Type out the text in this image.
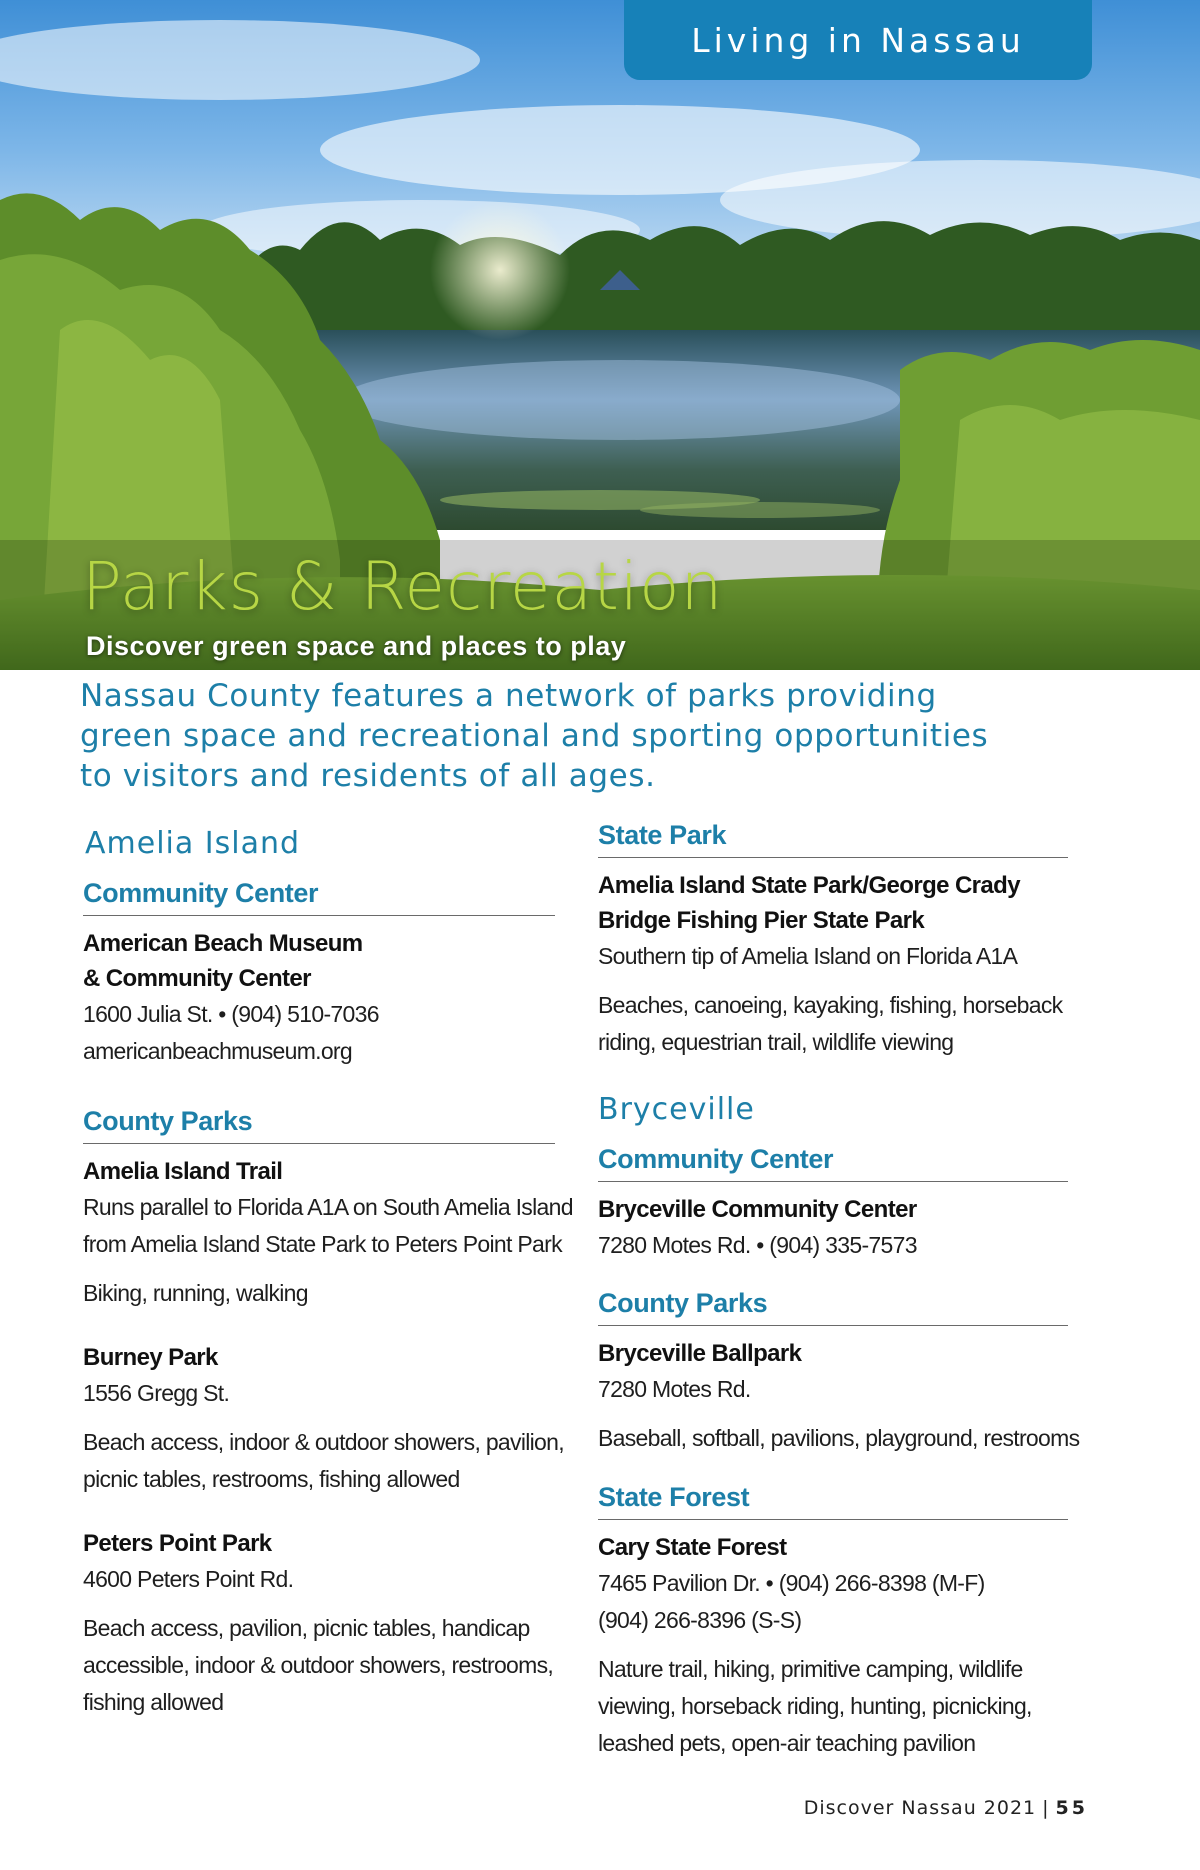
Parks & Recreation
Discover green space and places to play
Living in Nassau
Nassau County features a network of parks providing
green space and recreational and sporting opportunities
to visitors and residents of all ages.
Amelia Island
Community Center
American Beach Museum
& Community Center
1600 Julia St. • (904) 510-7036
americanbeachmuseum.org
County Parks
Amelia Island Trail
Runs parallel to Florida A1A on South Amelia Island
from Amelia Island State Park to Peters Point Park
Biking, running, walking
Burney Park
1556 Gregg St.
Beach access, indoor & outdoor showers, pavilion,
picnic tables, restrooms, fishing allowed
Peters Point Park
4600 Peters Point Rd.
Beach access, pavilion, picnic tables, handicap
accessible, indoor & outdoor showers, restrooms,
fishing allowed
State Park
Amelia Island State Park/George Crady
Bridge Fishing Pier State Park
Southern tip of Amelia Island on Florida A1A
Beaches, canoeing, kayaking, fishing, horseback
riding, equestrian trail, wildlife viewing
Bryceville
Community Center
Bryceville Community Center
7280 Motes Rd. • (904) 335-7573
County Parks
Bryceville Ballpark
7280 Motes Rd.
Baseball, softball, pavilions, playground, restrooms
State Forest
Cary State Forest
7465 Pavilion Dr. • (904) 266-8398 (M-F)
(904) 266-8396 (S-S)
Nature trail, hiking, primitive camping, wildlife
viewing, horseback riding, hunting, picnicking,
leashed pets, open-air teaching pavilion
Discover Nassau 2021 | 55
